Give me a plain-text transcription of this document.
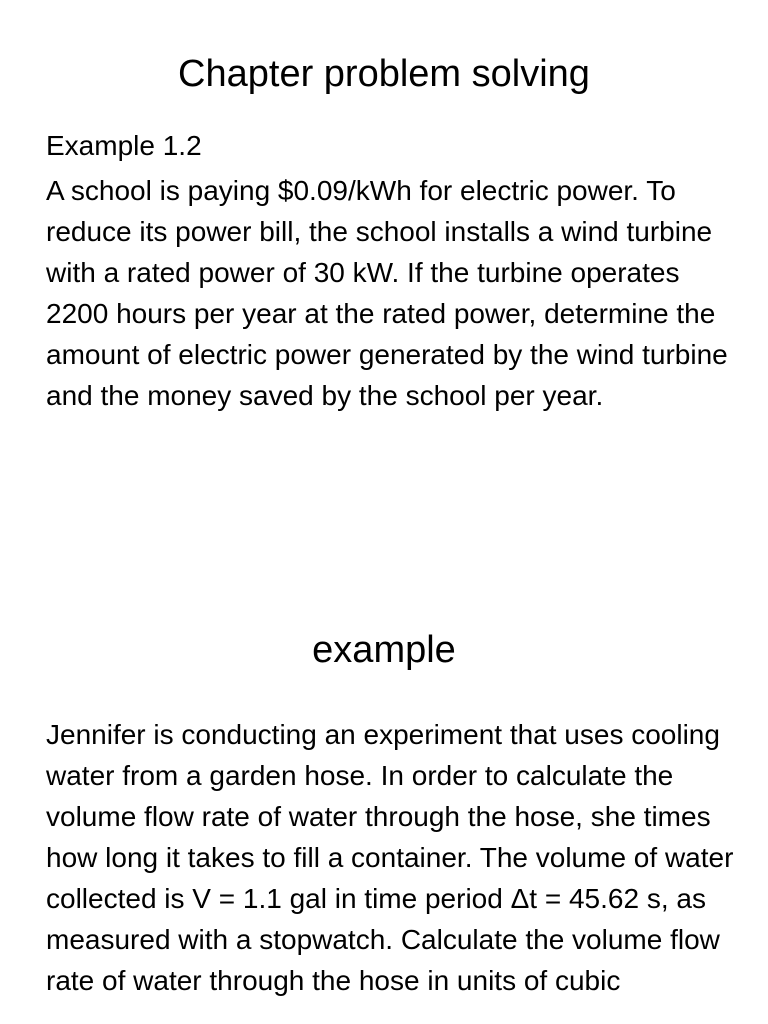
Chapter problem solving

Example 1.2

A school is paying $0.09/kWh for electric power. To reduce its power bill, the school installs a wind turbine with a rated power of 30 kW. If the turbine operates 2200 hours per year at the rated power, determine the amount of electric power generated by the wind turbine and the money saved by the school per year.

example

Jennifer is conducting an experiment that uses cooling water from a garden hose. In order to calculate the volume flow rate of water through the hose, she times how long it takes to fill a container. The volume of water collected is V = 1.1 gal in time period Δt = 45.62 s, as measured with a stopwatch. Calculate the volume flow rate of water through the hose in units of cubic
